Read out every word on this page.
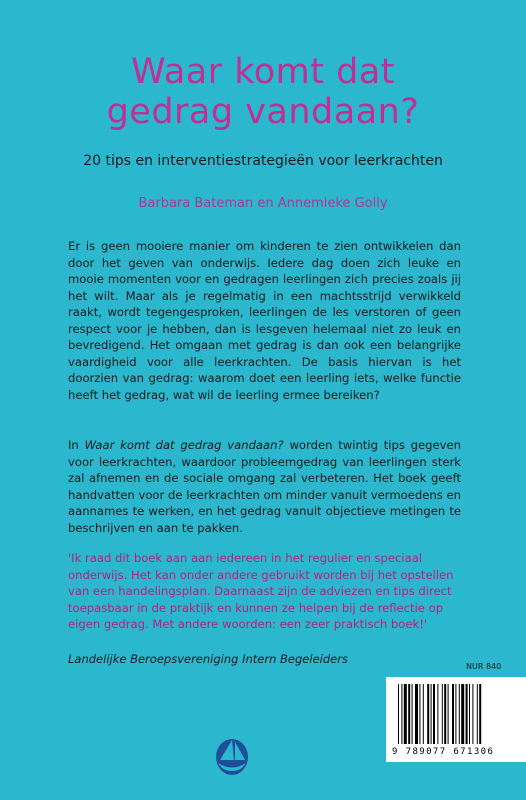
Waar komt dat
gedrag vandaan?

20 tips en interventiestrategieën voor leerkrachten

Barbara Bateman en Annemieke Golly

Er is geen mooiere manier om kinderen te zien ontwikkelen dan door het geven van onderwijs. Iedere dag doen zich leuke en mooie momenten voor en gedragen leerlingen zich precies zoals jij het wilt. Maar als je regelmatig in een machtsstrijd verwikkeld raakt, wordt tegengesproken, leerlingen de les verstoren of geen respect voor je hebben, dan is lesgeven helemaal niet zo leuk en bevredigend. Het omgaan met gedrag is dan ook een belangrijke vaardigheid voor alle leerkrachten. De basis hiervan is het doorzien van gedrag: waarom doet een leerling iets, welke functie heeft het gedrag, wat wil de leerling ermee bereiken?

In Waar komt dat gedrag vandaan? worden twintig tips gegeven voor leerkrachten, waardoor probleemgedrag van leerlingen sterk zal afnemen en de sociale omgang zal verbeteren. Het boek geeft handvatten voor de leerkrachten om minder vanuit vermoedens en aannames te werken, en het gedrag vanuit objectieve metingen te beschrijven en aan te pakken.

'Ik raad dit boek aan aan iedereen in het regulier en speciaal onderwijs. Het kan onder andere gebruikt worden bij het opstellen van een handelingsplan. Daarnaast zijn de adviezen en tips direct toepasbaar in de praktijk en kunnen ze helpen bij de reflectie op eigen gedrag. Met andere woorden: een zeer praktisch boek!'

Landelijke Beroepsvereniging Intern Begeleiders

NUR 840
9 789077 671306
